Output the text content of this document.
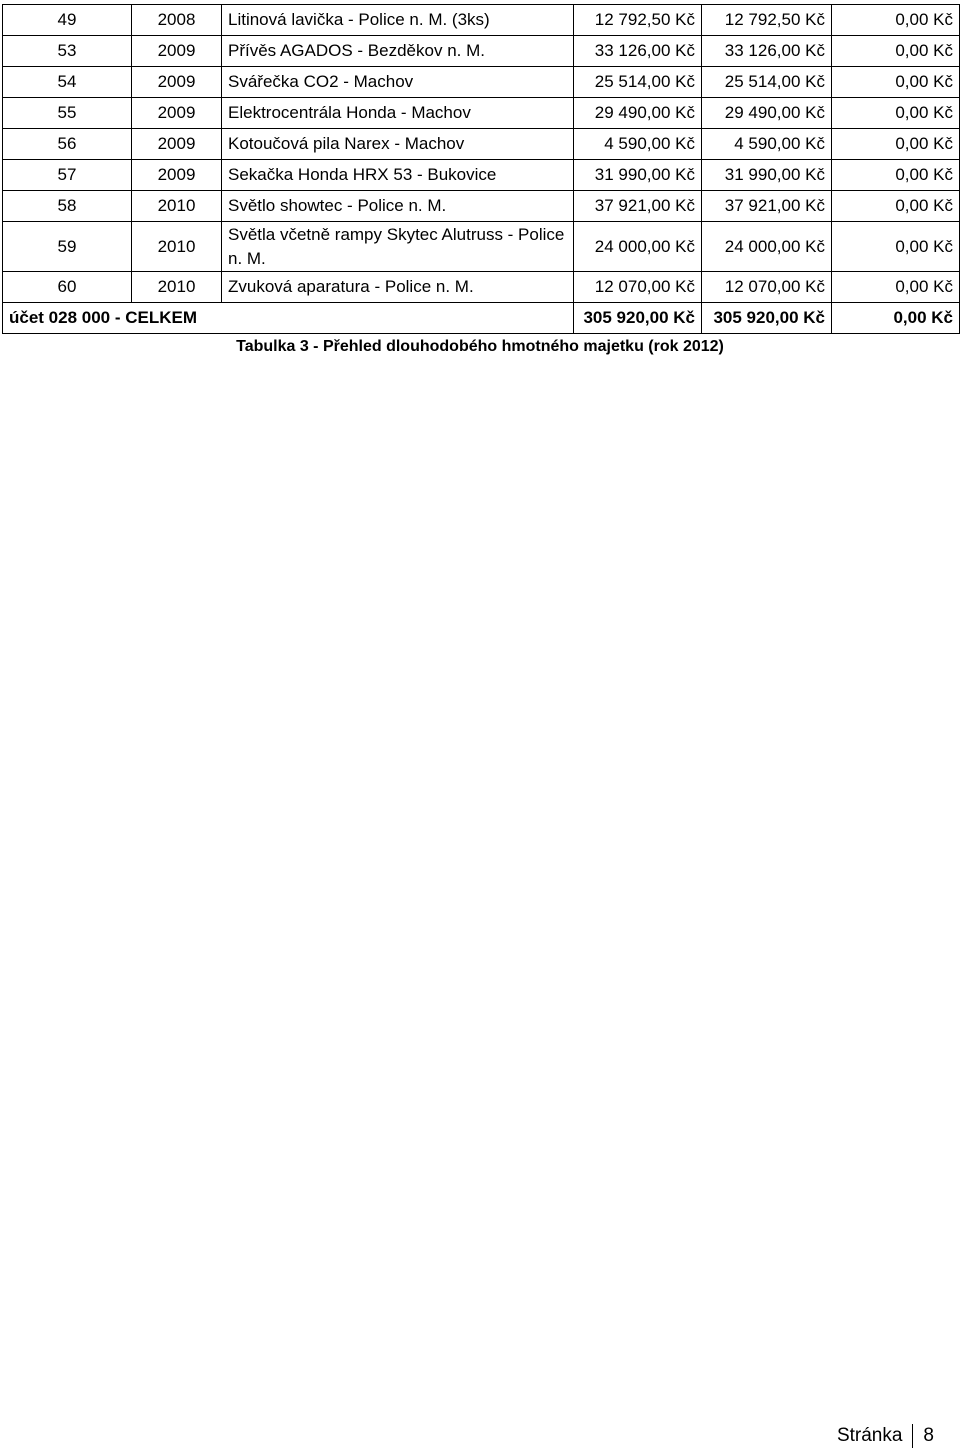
49	2008	Litinová lavička - Police n. M. (3ks)	12 792,50 Kč	12 792,50 Kč	0,00 Kč
53	2009	Přívěs AGADOS - Bezděkov n. M.	33 126,00 Kč	33 126,00 Kč	0,00 Kč
54	2009	Svářečka CO2 - Machov	25 514,00 Kč	25 514,00 Kč	0,00 Kč
55	2009	Elektrocentrála Honda - Machov	29 490,00 Kč	29 490,00 Kč	0,00 Kč
56	2009	Kotoučová pila Narex - Machov	4 590,00 Kč	4 590,00 Kč	0,00 Kč
57	2009	Sekačka Honda HRX 53 - Bukovice	31 990,00 Kč	31 990,00 Kč	0,00 Kč
58	2010	Světlo showtec - Police n. M.	37 921,00 Kč	37 921,00 Kč	0,00 Kč
59	2010	Světla včetně rampy Skytec Alutruss - Police n. M.	24 000,00 Kč	24 000,00 Kč	0,00 Kč
60	2010	Zvuková aparatura - Police n. M.	12 070,00 Kč	12 070,00 Kč	0,00 Kč
účet 028 000 - CELKEM			305 920,00 Kč	305 920,00 Kč	0,00 Kč
Tabulka 3 - Přehled dlouhodobého hmotného majetku (rok 2012)
Stránka 8
